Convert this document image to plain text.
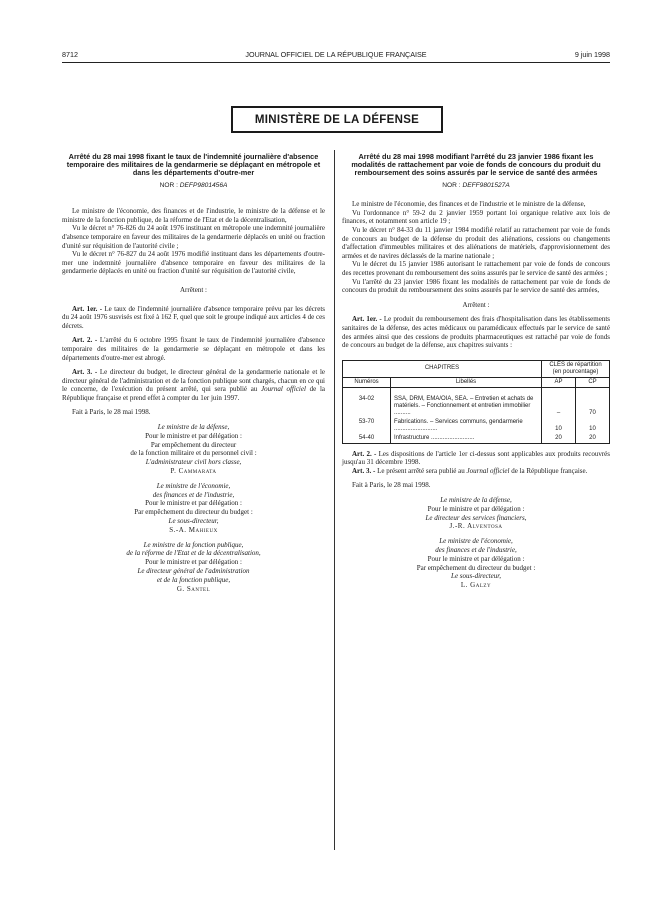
8712	JOURNAL OFFICIEL DE LA RÉPUBLIQUE FRANÇAISE	9 juin 1998
MINISTÈRE DE LA DÉFENSE
Arrêté du 28 mai 1998 fixant le taux de l'indemnité journalière d'absence temporaire des militaires de la gendarmerie se déplaçant en métropole et dans les départements d'outre-mer
NOR : DEFP9801456A

Le ministre de l'économie, des finances et de l'industrie, le ministre de la défense et le ministre de la fonction publique, de la réforme de l'Etat et de la décentralisation,

Vu le décret n° 76-826 du 24 août 1976 instituant en métropole une indemnité journalière d'absence temporaire en faveur des militaires de la gendarmerie déplacés en unité ou fraction d'unité sur réquisition de l'autorité civile ;

Vu le décret n° 76-827 du 24 août 1976 modifié instituant dans les départements d'outre-mer une indemnité journalière d'absence temporaire en faveur des militaires de la gendarmerie déplacés en unité ou fraction d'unité sur réquisition de l'autorité civile,

Arrêtent :

Art. 1er. - Le taux de l'indemnité journalière d'absence temporaire prévu par les décrets du 24 août 1976 susvisés est fixé à 162 F, quel que soit le groupe indiqué aux articles 4 de ces décrets.

Art. 2. - L'arrêté du 6 octobre 1995 fixant le taux de l'indemnité journalière d'absence temporaire des militaires de la gendarmerie se déplaçant en métropole et dans les départements d'outre-mer est abrogé.

Art. 3. - Le directeur du budget, le directeur général de la gendarmerie nationale et le directeur général de l'administration et de la fonction publique sont chargés, chacun en ce qui le concerne, de l'exécution du présent arrêté, qui sera publié au Journal officiel de la République française et prend effet à compter du 1er juin 1997.

Fait à Paris, le 28 mai 1998.

Le ministre de la défense,
Pour le ministre et par délégation :
Par empêchement du directeur
de la fonction militaire et du personnel civil :
L'administrateur civil hors classe,
P. Cammarata
Le ministre de l'économie,
des finances et de l'industrie,
Pour le ministre et par délégation :
Par empêchement du directeur du budget :
Le sous-directeur,
S.-A. Mahieux
Le ministre de la fonction publique,
de la réforme de l'Etat et de la décentralisation,
Pour le ministre et par délégation :
Le directeur général de l'administration
et de la fonction publique,
G. Santel
Arrêté du 28 mai 1998 modifiant l'arrêté du 23 janvier 1986 fixant les modalités de rattachement par voie de fonds de concours du produit du remboursement des soins assurés par le service de santé des armées
NOR : DEFF9801527A

Le ministre de l'économie, des finances et de l'industrie et le ministre de la défense,

Vu l'ordonnance n° 59-2 du 2 janvier 1959 portant loi organique relative aux lois de finances, et notamment son article 19 ;

Vu le décret n° 84-33 du 11 janvier 1984 modifié relatif au rattachement par voie de fonds de concours au budget de la défense du produit des aliénations, cessions ou changements d'affectation d'immeubles militaires et des aliénations de matériels, d'approvisionnement des armées et de navires déclassés de la marine nationale ;

Vu le décret du 15 janvier 1986 autorisant le rattachement par voie de fonds de concours des recettes provenant du remboursement des soins assurés par le service de santé des armées ;

Vu l'arrêté du 23 janvier 1986 fixant les modalités de rattachement par voie de fonds de concours du produit du remboursement des soins assurés par le service de santé des armées,

Arrêtent :

Art. 1er. - Le produit du remboursement des frais d'hospitalisation dans les établissements sanitaires de la défense, des actes médicaux ou paramédicaux effectués par le service de santé des armées ainsi que des cessions de produits pharmaceutiques est rattaché par voie de fonds de concours au budget de la défense, aux chapitres suivants :

CHAPITRES		CLÉS de répartition (en pourcentage)	
Numéros	Libellés	AP	CP
34-02	SSA, DRM, EMA/OIA, SEA. – Entretien et achats de matériels. – Fonctionnement et entretien immobilier ..........	–	70
53-70	Fabrications. – Services communs, gendarmerie ..........................	10	10
54-40	Infrastructure ..........................	20	20

Art. 2. - Les dispositions de l'article 1er ci-dessus sont applicables aux produits recouvrés jusqu'au 31 décembre 1998.

Art. 3. - Le présent arrêté sera publié au Journal officiel de la République française.

Fait à Paris, le 28 mai 1998.

Le ministre de la défense,
Pour le ministre et par délégation :
Le directeur des services financiers,
J.-R. Alventosa
Le ministre de l'économie,
des finances et de l'industrie,
Pour le ministre et par délégation :
Par empêchement du directeur du budget :
Le sous-directeur,
L. Galzy
